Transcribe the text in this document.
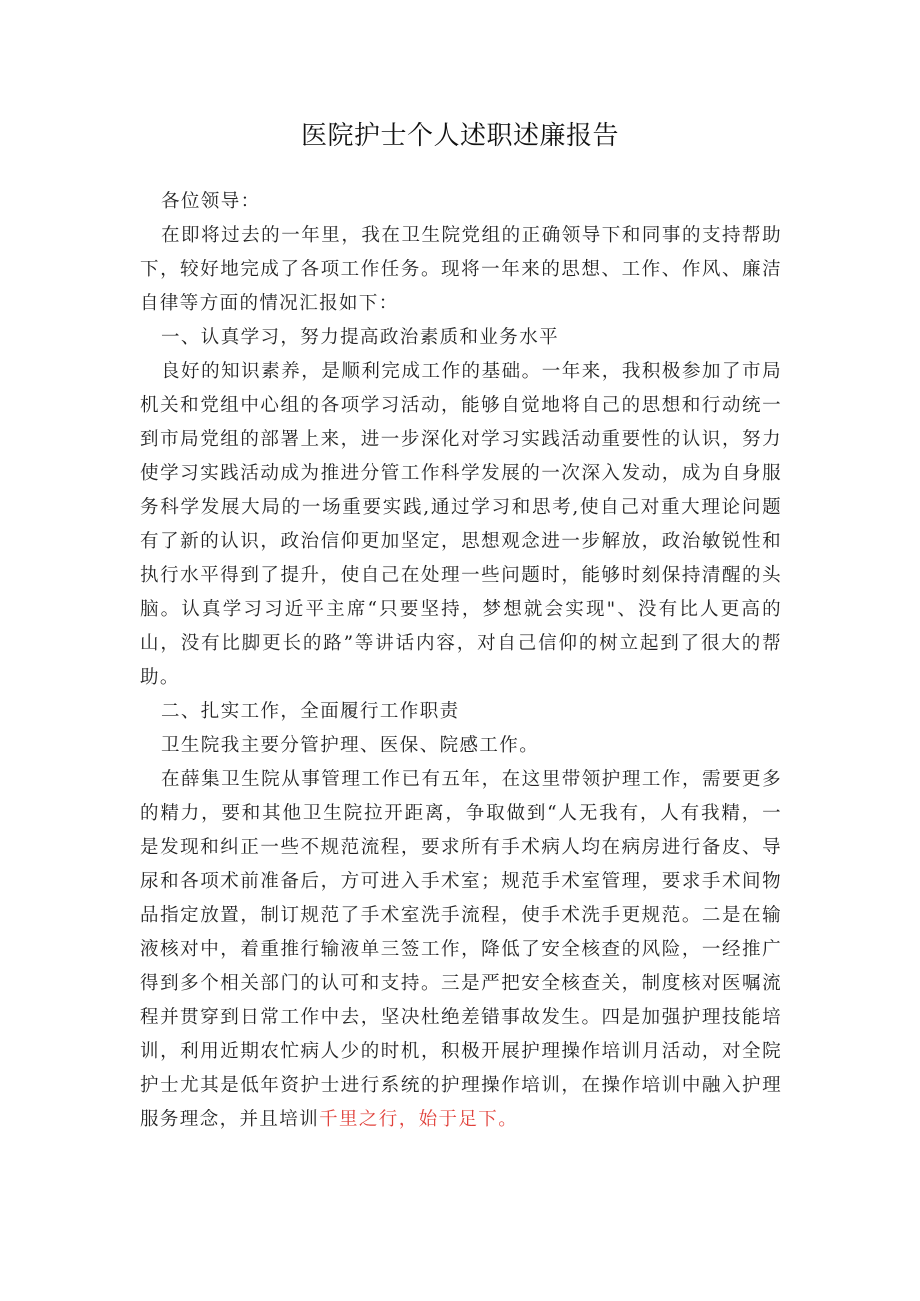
医院护士个人述职述廉报告

各位领导：

在即将过去的一年里，我在卫生院党组的正确领导下和同事的支持帮助下，较好地完成了各项工作任务。现将一年来的思想、工作、作风、廉洁自律等方面的情况汇报如下：

一、认真学习，努力提高政治素质和业务水平

良好的知识素养，是顺利完成工作的基础。一年来，我积极参加了市局机关和党组中心组的各项学习活动，能够自觉地将自己的思想和行动统一到市局党组的部署上来，进一步深化对学习实践活动重要性的认识，努力使学习实践活动成为推进分管工作科学发展的一次深入发动，成为自身服务科学发展大局的一场重要实践,通过学习和思考,使自己对重大理论问题有了新的认识，政治信仰更加坚定，思想观念进一步解放，政治敏锐性和执行水平得到了提升，使自己在处理一些问题时，能够时刻保持清醒的头脑。认真学习习近平主席“只要坚持，梦想就会实现"、没有比人更高的山，没有比脚更长的路”等讲话内容，对自己信仰的树立起到了很大的帮助。

二、扎实工作，全面履行工作职责

卫生院我主要分管护理、医保、院感工作。

在薛集卫生院从事管理工作已有五年，在这里带领护理工作，需要更多的精力，要和其他卫生院拉开距离，争取做到“人无我有，人有我精，一是发现和纠正一些不规范流程，要求所有手术病人均在病房进行备皮、导尿和各项术前准备后，方可进入手术室；规范手术室管理，要求手术间物品指定放置，制订规范了手术室洗手流程，使手术洗手更规范。二是在输液核对中，着重推行输液单三签工作，降低了安全核查的风险，一经推广得到多个相关部门的认可和支持。三是严把安全核查关，制度核对医嘱流程并贯穿到日常工作中去，坚决杜绝差错事故发生。四是加强护理技能培训，利用近期农忙病人少的时机，积极开展护理操作培训月活动，对全院护士尤其是低年资护士进行系统的护理操作培训，在操作培训中融入护理服务理念，并且培训千里之行，始于足下。
